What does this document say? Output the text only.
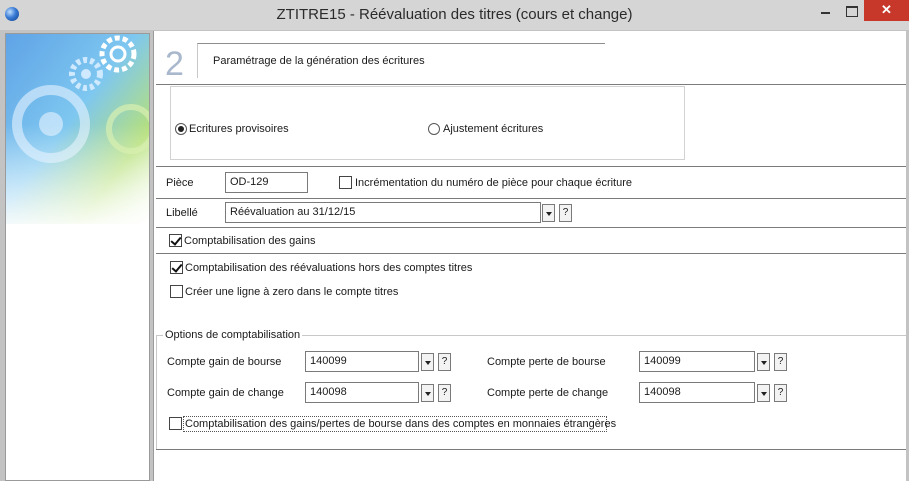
ZTITRE15 - Réévaluation des titres (cours et change)	✕
2	Paramétrage de la génération des écritures
Ecritures provisoires	Ajustement écritures
Pièce	OD-129	Incrémentation du numéro de pièce pour chaque écriture
Libellé	Réévaluation au 31/12/15	?
Comptabilisation des gains
Comptabilisation des réévaluations hors des comptes titres
Créer une ligne à zero dans le compte titres
Options de comptabilisation
Compte gain de bourse	140099	?	Compte perte de bourse	140099	?
Compte gain de change	140098	?	Compte perte de change	140098	?
Comptabilisation des gains/pertes de bourse dans des comptes en monnaies étrangères
